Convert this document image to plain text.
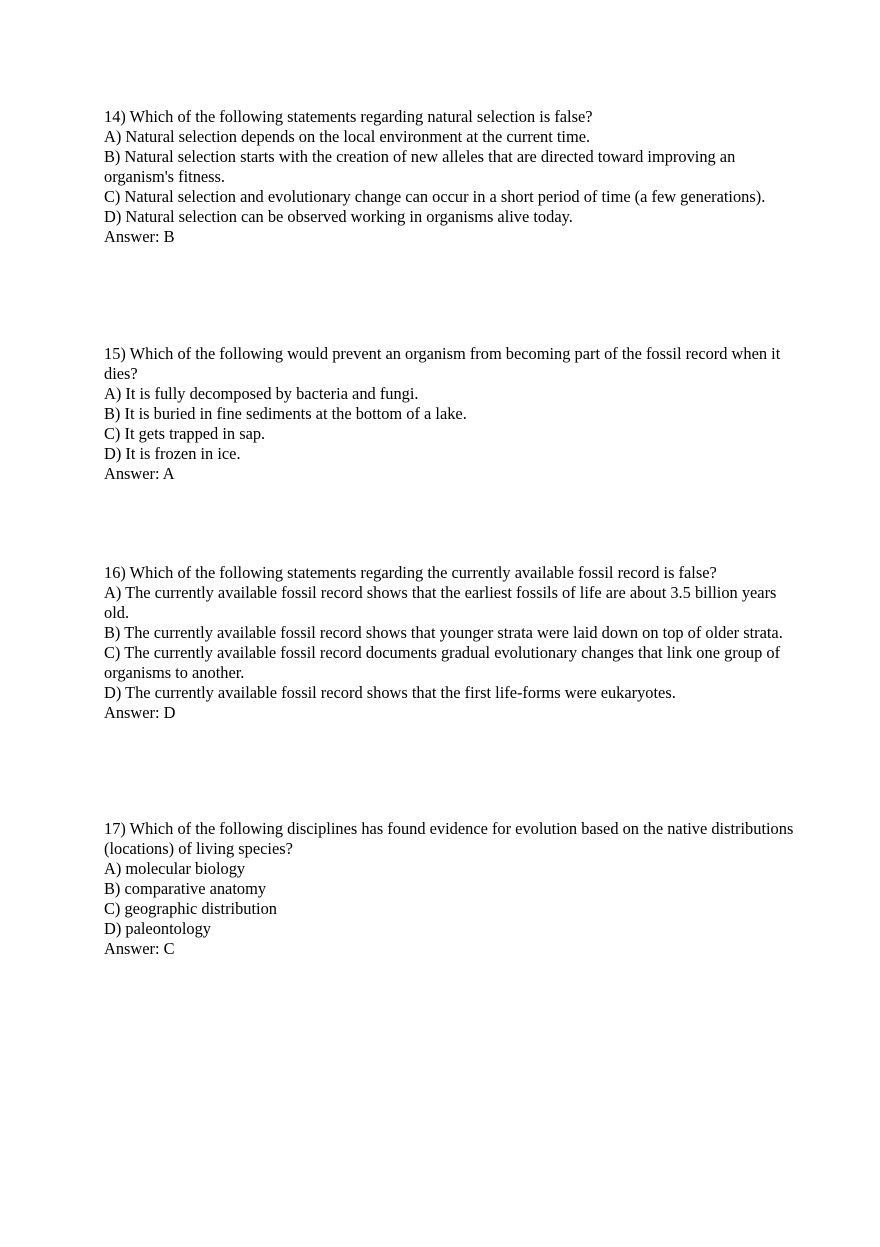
14) Which of the following statements regarding natural selection is false?

A) Natural selection depends on the local environment at the current time.

B) Natural selection starts with the creation of new alleles that are directed toward improving an organism's fitness.

C) Natural selection and evolutionary change can occur in a short period of time (a few generations).

D) Natural selection can be observed working in organisms alive today.

Answer: B

15) Which of the following would prevent an organism from becoming part of the fossil record when it dies?

A) It is fully decomposed by bacteria and fungi.

B) It is buried in fine sediments at the bottom of a lake.

C) It gets trapped in sap.

D) It is frozen in ice.

Answer: A

16) Which of the following statements regarding the currently available fossil record is false?

A) The currently available fossil record shows that the earliest fossils of life are about 3.5 billion years old.

B) The currently available fossil record shows that younger strata were laid down on top of older strata.

C) The currently available fossil record documents gradual evolutionary changes that link one group of organisms to another.

D) The currently available fossil record shows that the first life-forms were eukaryotes.

Answer: D

17) Which of the following disciplines has found evidence for evolution based on the native distributions (locations) of living species?

A) molecular biology

B) comparative anatomy

C) geographic distribution

D) paleontology

Answer: C
